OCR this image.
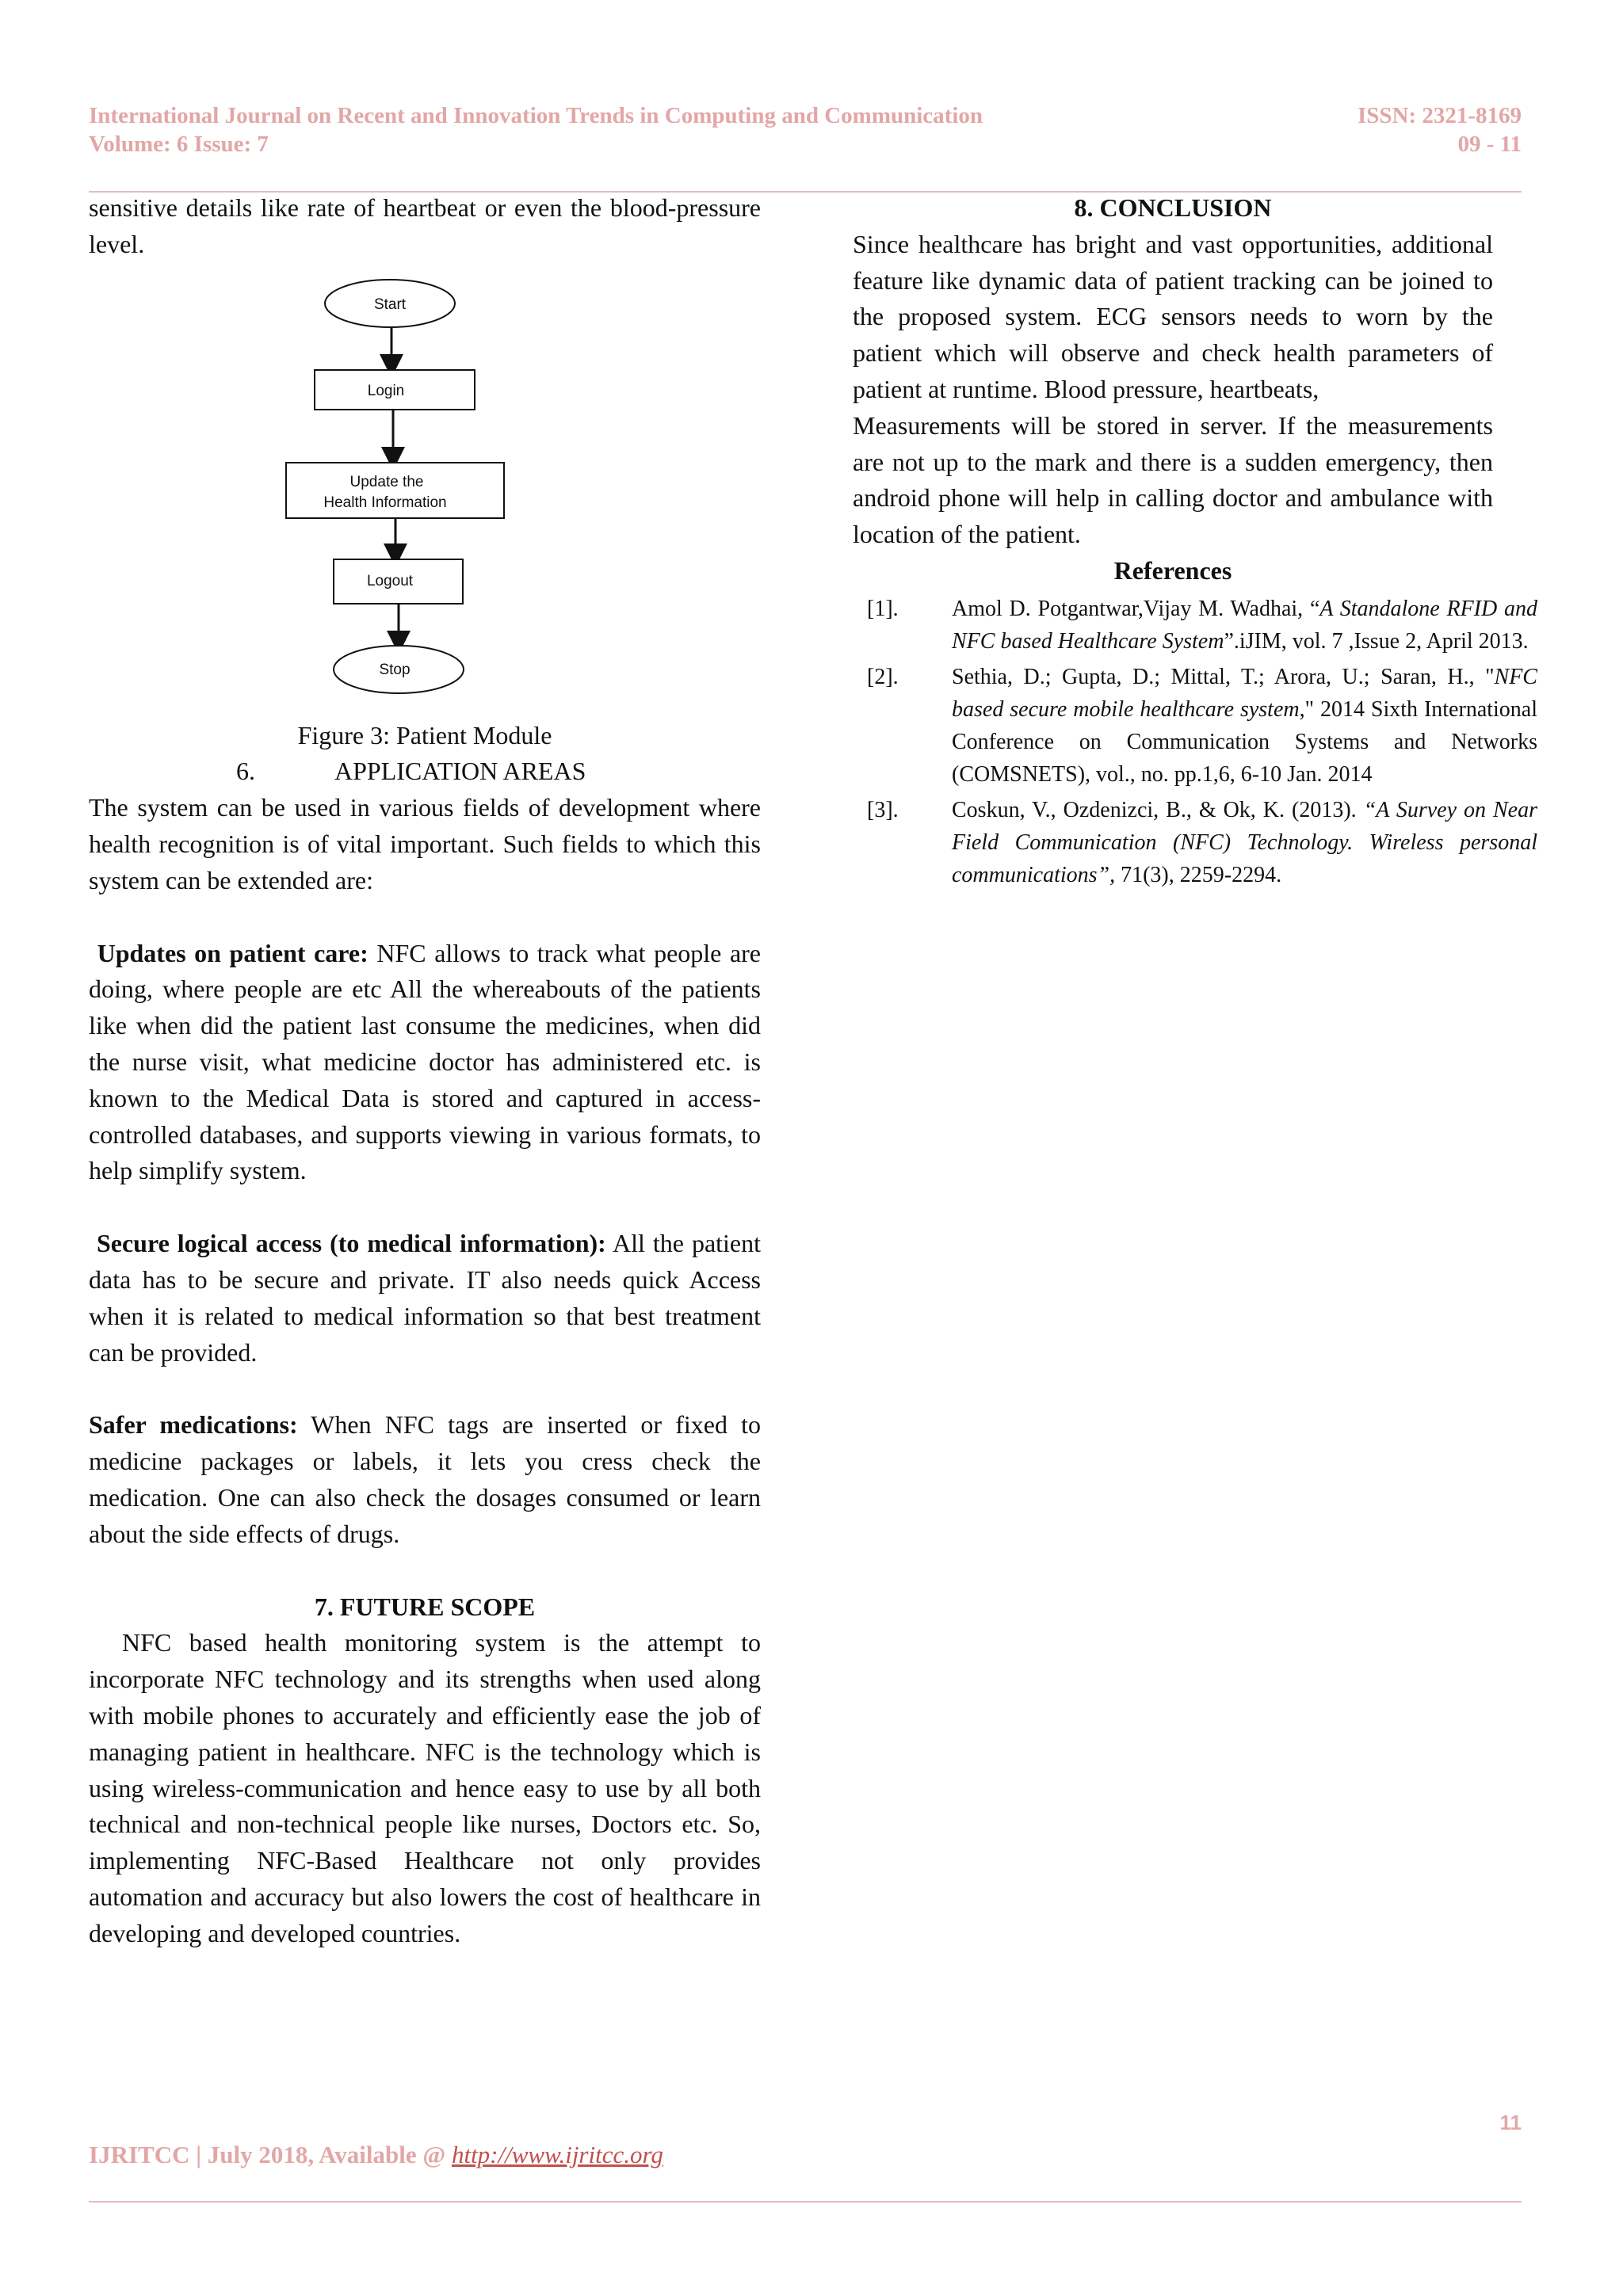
International Journal on Recent and Innovation Trends in Computing and Communication
Volume: 6 Issue: 7
ISSN: 2321-8169
09 - 11

sensitive details like rate of heartbeat or even the blood-pressure level.

Start
Login
Update the
Health Information
Logout
Stop

Figure 3: Patient Module

6.	APPLICATION AREAS

The system can be used in various fields of development where health recognition is of vital important. Such fields to which this system can be extended are:

Updates on patient care: NFC allows to track what people are doing, where people are etc All the whereabouts of the patients like when did the patient last consume the medicines, when did the nurse visit, what medicine doctor has administered etc. is known to the Medical Data is stored and captured in access-controlled databases, and supports viewing in various formats, to help simplify system.

Secure logical access (to medical information): All the patient data has to be secure and private. IT also needs quick Access when it is related to medical information so that best treatment can be provided.

Safer medications: When NFC tags are inserted or fixed to medicine packages or labels, it lets you cress check the medication. One can also check the dosages consumed or learn about the side effects of drugs.

7. FUTURE SCOPE

NFC based health monitoring system is the attempt to incorporate NFC technology and its strengths when used along with mobile phones to accurately and efficiently ease the job of managing patient in healthcare. NFC is the technology which is using wireless-communication and hence easy to use by all both technical and non-technical people like nurses, Doctors etc. So, implementing NFC-Based Healthcare not only provides automation and accuracy but also lowers the cost of healthcare in developing and developed countries.

8. CONCLUSION

Since healthcare has bright and vast opportunities, additional feature like dynamic data of patient tracking can be joined to the proposed system. ECG sensors needs to worn by the patient which will observe and check health parameters of patient at runtime. Blood pressure, heartbeats,

Measurements will be stored in server. If the measurements are not up to the mark and there is a sudden emergency, then android phone will help in calling doctor and ambulance with location of the patient.

References

[1].	Amol D. Potgantwar,Vijay M. Wadhai, “A Standalone RFID and NFC based Healthcare System”.iJIM, vol. 7 ,Issue 2, April 2013.
[2].	Sethia, D.; Gupta, D.; Mittal, T.; Arora, U.; Saran, H., "NFC based secure mobile healthcare system," 2014 Sixth International Conference on Communication Systems and Networks (COMSNETS), vol., no. pp.1,6, 6-10 Jan. 2014
[3].	Coskun, V., Ozdenizci, B., & Ok, K. (2013). “A Survey on Near Field Communication (NFC) Technology. Wireless personal communications”, 71(3), 2259-2294.
11
IJRITCC | July 2018, Available @ http://www.ijritcc.org
